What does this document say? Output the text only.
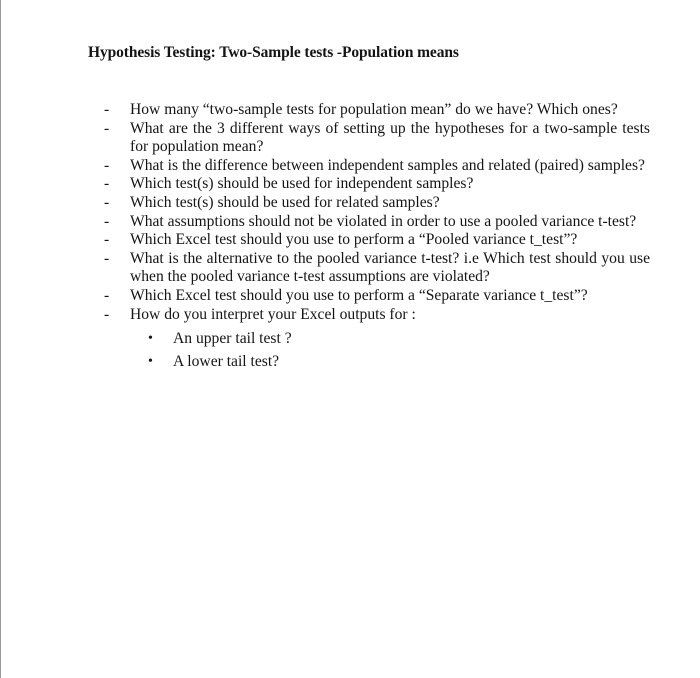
Hypothesis Testing: Two-Sample tests -Population means
-	How many “two-sample tests for population mean” do we have? Which ones?
-	What are the 3 different ways of setting up the hypotheses for a two-sample tests for population mean?
-	What is the difference between independent samples and related (paired) samples?
-	Which test(s) should be used for independent samples?
-	Which test(s) should be used for related samples?
-	What assumptions should not be violated in order to use a pooled variance t-test?
-	Which Excel test should you use to perform a “Pooled variance t_test”?
-	What is the alternative to the pooled variance t-test? i.e Which test should you use when the pooled variance t-test assumptions are violated?
-	Which Excel test should you use to perform a “Separate variance t_test”?
-	How do you interpret your Excel outputs for :
• An upper tail test ?
• A lower tail test?
